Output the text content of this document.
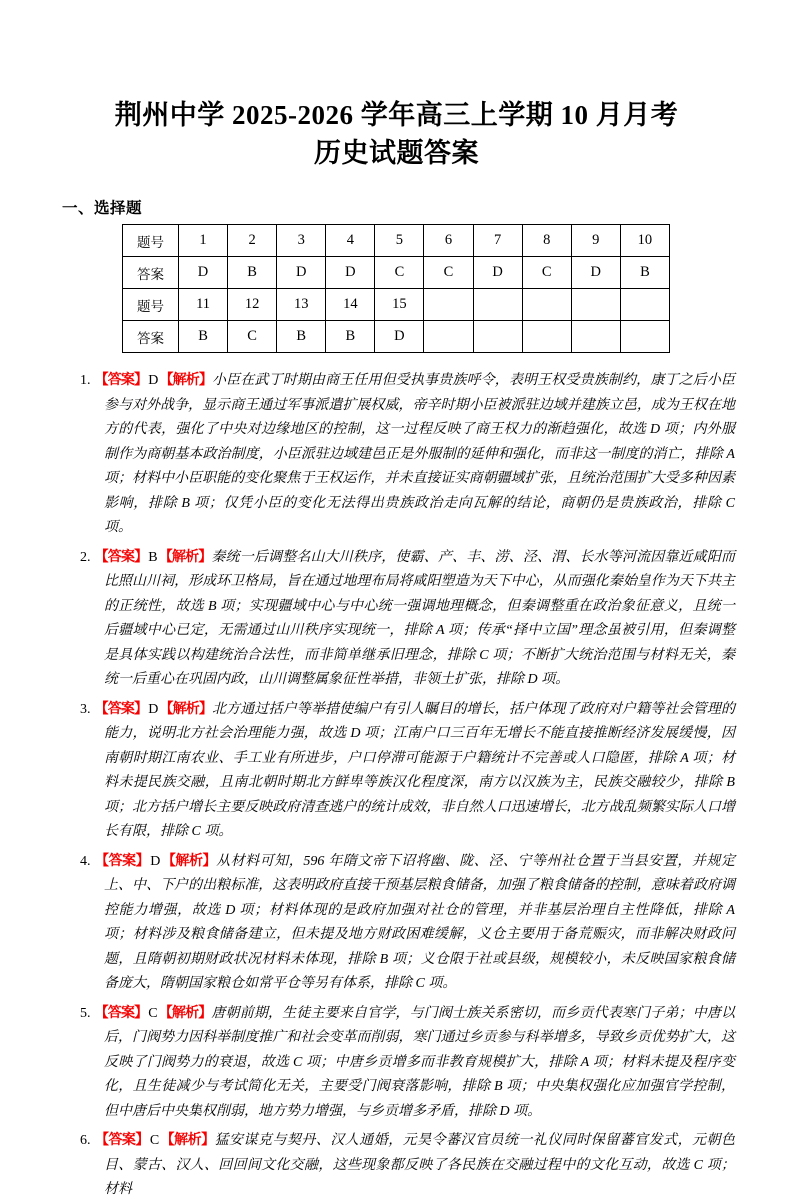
荆州中学 2025-2026 学年高三上学期 10 月月考
历史试题答案
一、选择题
题号	1	2	3	4	5	6	7	8	9	10
答案	D	B	D	D	C	C	D	C	D	B
题号	11	12	13	14	15					
答案	B	C	B	B	D					
1. 【答案】D【解析】小臣在武丁时期由商王任用但受执事贵族呼令，表明王权受贵族制约，康丁之后小臣参与对外战争，显示商王通过军事派遣扩展权威，帝辛时期小臣被派驻边域并建族立邑，成为王权在地方的代表，强化了中央对边缘地区的控制，这一过程反映了商王权力的渐趋强化，故选 D 项；内外服制作为商朝基本政治制度，小臣派驻边域建邑正是外服制的延伸和强化，而非这一制度的消亡，排除 A 项；材料中小臣职能的变化聚焦于王权运作，并未直接证实商朝疆域扩张，且统治范围扩大受多种因素影响，排除 B 项；仅凭小臣的变化无法得出贵族政治走向瓦解的结论，商朝仍是贵族政治，排除 C 项。
2. 【答案】B【解析】秦统一后调整名山大川秩序，使霸、产、丰、涝、泾、渭、长水等河流因靠近咸阳而比照山川祠，形成环卫格局，旨在通过地理布局将咸阳塑造为天下中心，从而强化秦始皇作为天下共主的正统性，故选 B 项；实现疆域中心与中心统一强调地理概念，但秦调整重在政治象征意义，且统一后疆域中心已定，无需通过山川秩序实现统一，排除 A 项；传承“择中立国”理念虽被引用，但秦调整是具体实践以构建统治合法性，而非简单继承旧理念，排除 C 项；不断扩大统治范围与材料无关，秦统一后重心在巩固内政，山川调整属象征性举措，非领土扩张，排除 D 项。
3. 【答案】D【解析】北方通过括户等举措使编户有引人瞩目的增长，括户体现了政府对户籍等社会管理的能力，说明北方社会治理能力强，故选 D 项；江南户口三百年无增长不能直接推断经济发展缓慢，因南朝时期江南农业、手工业有所进步，户口停滞可能源于户籍统计不完善或人口隐匿，排除 A 项；材料未提民族交融，且南北朝时期北方鲜卑等族汉化程度深，南方以汉族为主，民族交融较少，排除 B 项；北方括户增长主要反映政府清查逃户的统计成效，非自然人口迅速增长，北方战乱频繁实际人口增长有限，排除 C 项。
4. 【答案】D【解析】从材料可知，596 年隋文帝下诏将幽、陇、泾、宁等州社仓置于当县安置，并规定上、中、下户的出粮标准，这表明政府直接干预基层粮食储备，加强了粮食储备的控制，意味着政府调控能力增强，故选 D 项；材料体现的是政府加强对社仓的管理，并非基层治理自主性降低，排除 A 项；材料涉及粮食储备建立，但未提及地方财政困难缓解，义仓主要用于备荒赈灾，而非解决财政问题，且隋朝初期财政状况材料未体现，排除 B 项；义仓限于社或县级，规模较小，未反映国家粮食储备庞大，隋朝国家粮仓如常平仓等另有体系，排除 C 项。
5. 【答案】C【解析】唐朝前期，生徒主要来自官学，与门阀士族关系密切，而乡贡代表寒门子弟；中唐以后，门阀势力因科举制度推广和社会变革而削弱，寒门通过乡贡参与科举增多，导致乡贡优势扩大，这反映了门阀势力的衰退，故选 C 项；中唐乡贡增多而非教育规模扩大，排除 A 项；材料未提及程序变化，且生徒减少与考试简化无关，主要受门阀衰落影响，排除 B 项；中央集权强化应加强官学控制，但中唐后中央集权削弱，地方势力增强，与乡贡增多矛盾，排除 D 项。
6. 【答案】C【解析】猛安谋克与契丹、汉人通婚，元昊令蕃汉官员统一礼仪同时保留蕃官发式，元朝色目、蒙古、汉人、回回间文化交融，这些现象都反映了各民族在交融过程中的文化互动，故选 C 项；材料
